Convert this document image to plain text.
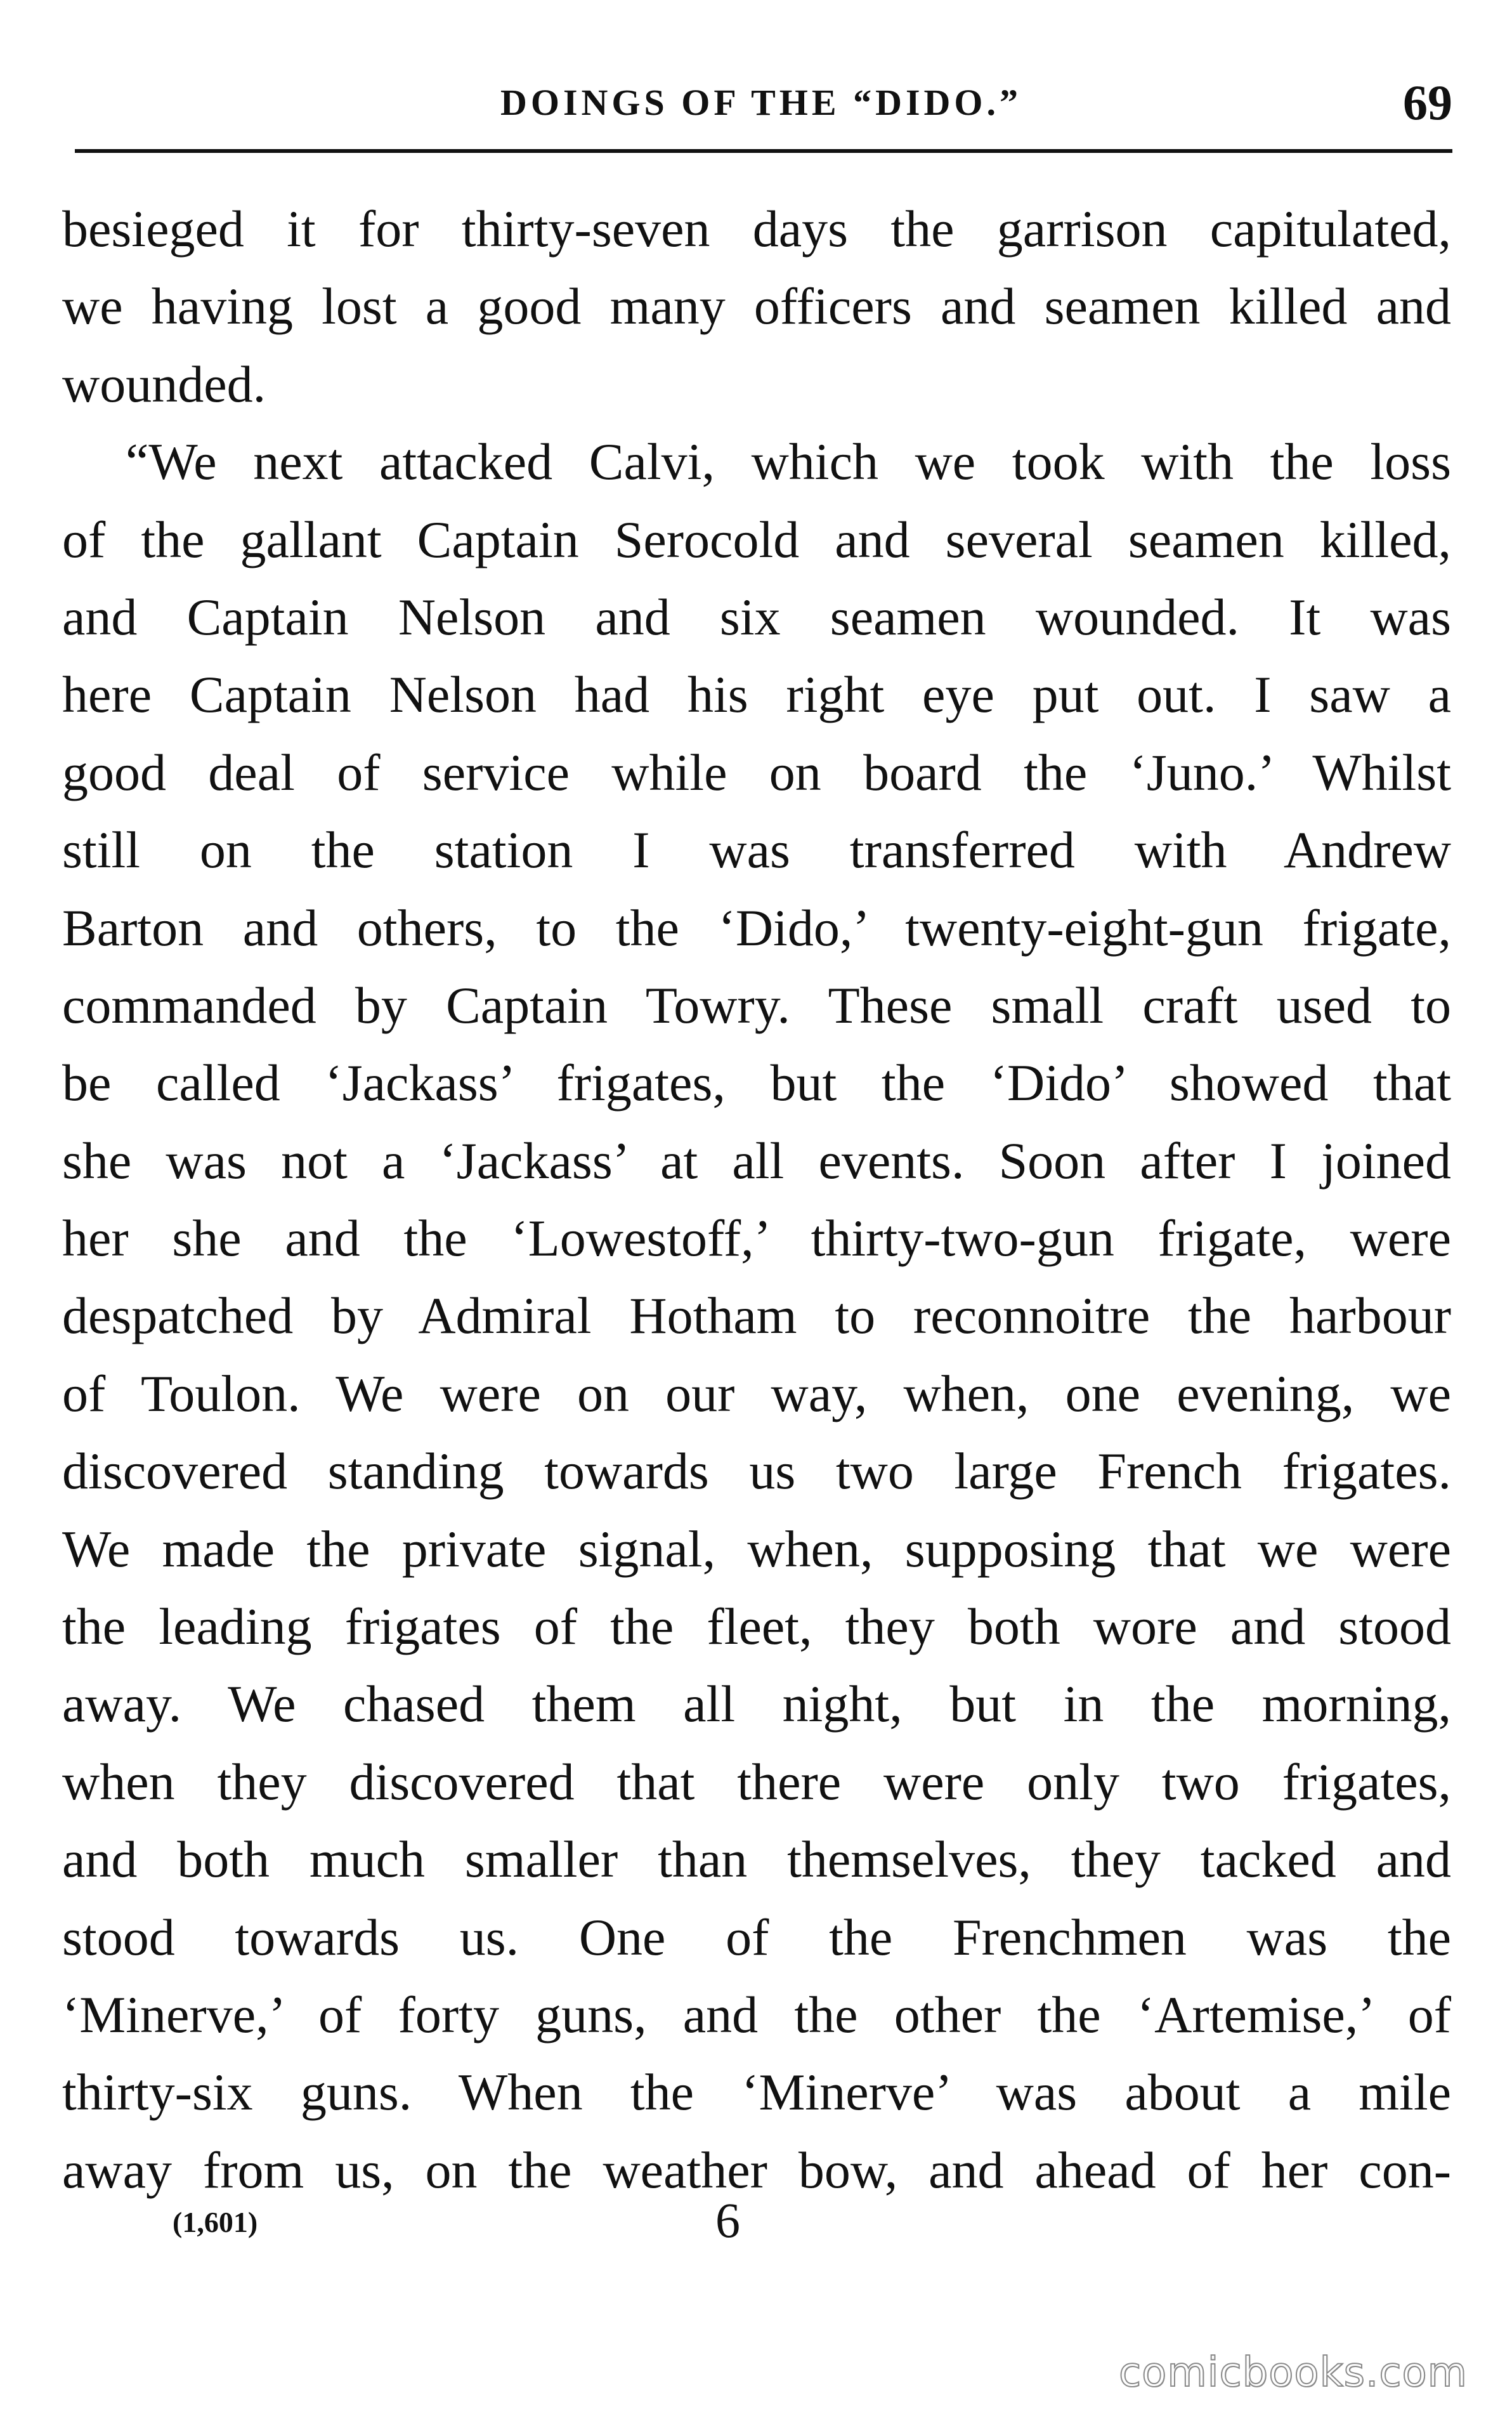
DOINGS OF THE “DIDO.”	69
besieged it for thirty-seven days the garrison capitulated,
we having lost a good many officers and seamen killed and
wounded.
“We next attacked Calvi, which we took with the loss
of the gallant Captain Serocold and several seamen killed,
and Captain Nelson and six seamen wounded. It was
here Captain Nelson had his right eye put out. I saw a
good deal of service while on board the ‘Juno.’ Whilst
still on the station I was transferred with Andrew
Barton and others, to the ‘Dido,’ twenty-eight-gun frigate,
commanded by Captain Towry. These small craft used to
be called ‘Jackass’ frigates, but the ‘Dido’ showed that
she was not a ‘Jackass’ at all events. Soon after I joined
her she and the ‘Lowestoff,’ thirty-two-gun frigate, were
despatched by Admiral Hotham to reconnoitre the harbour
of Toulon. We were on our way, when, one evening, we
discovered standing towards us two large French frigates.
We made the private signal, when, supposing that we were
the leading frigates of the fleet, they both wore and stood
away. We chased them all night, but in the morning,
when they discovered that there were only two frigates,
and both much smaller than themselves, they tacked and
stood towards us. One of the Frenchmen was the
‘Minerve,’ of forty guns, and the other the ‘Artemise,’ of
thirty-six guns. When the ‘Minerve’ was about a mile
away from us, on the weather bow, and ahead of her con-
(1,601)	6
comicbooks.com
